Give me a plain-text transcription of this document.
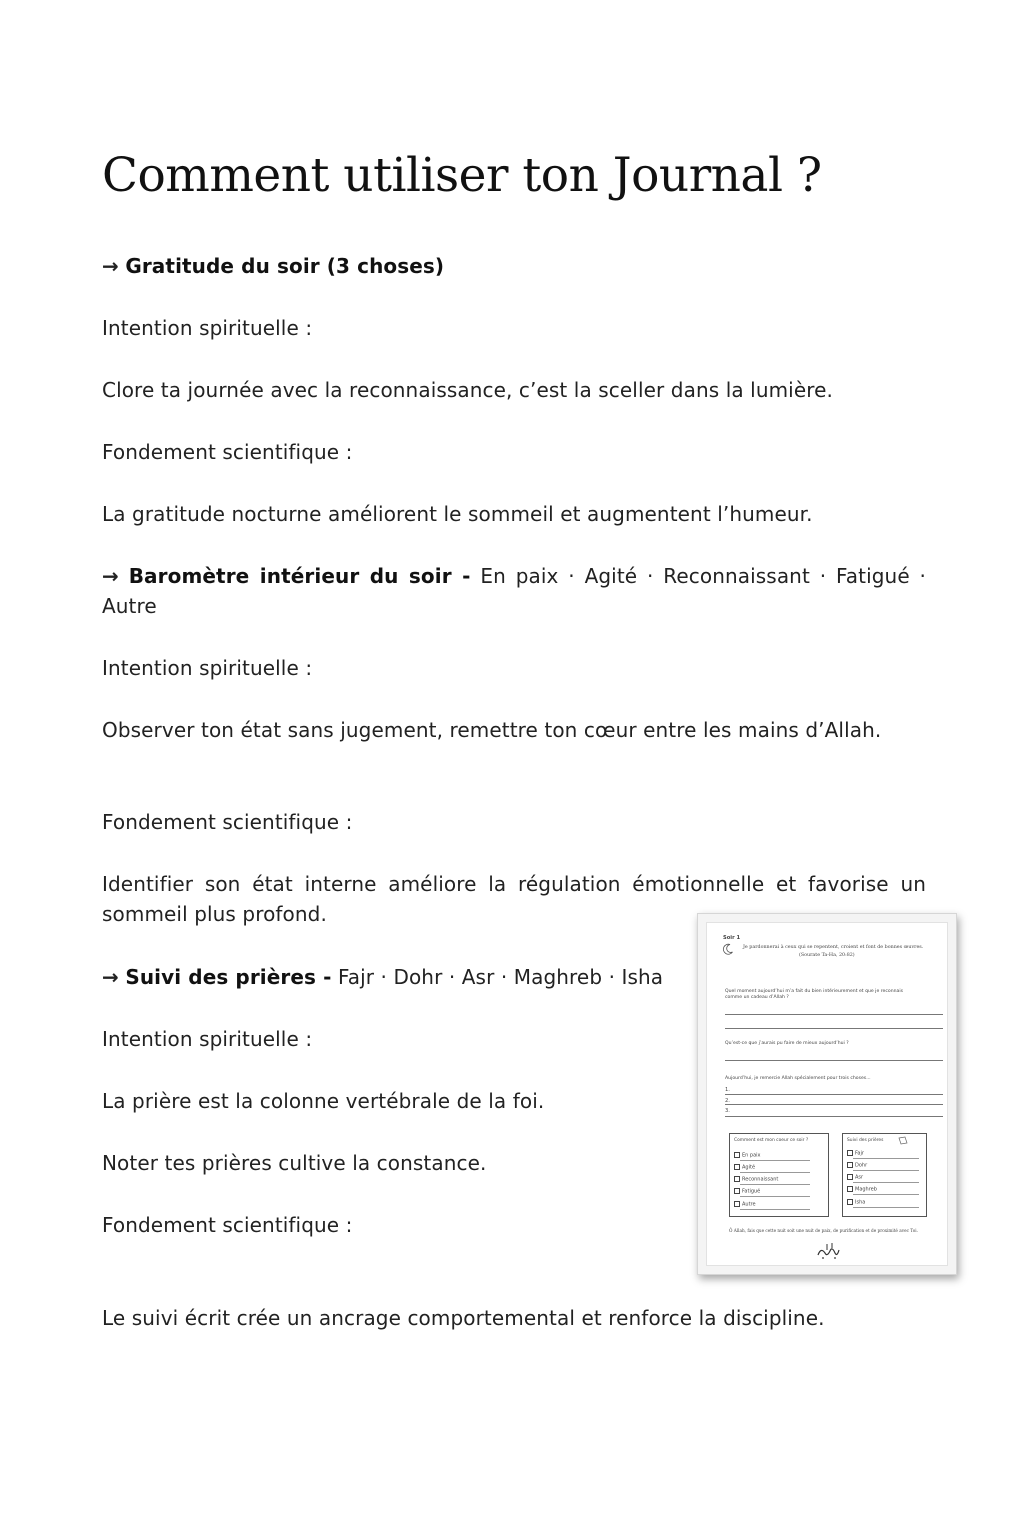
Comment utiliser ton Journal ?

→ Gratitude du soir (3 choses)

Intention spirituelle :

Clore ta journée avec la reconnaissance, c’est la sceller dans la lumière.

Fondement scientifique :

La gratitude nocturne améliorent le sommeil et augmentent l’humeur.

→ Baromètre intérieur du soir - En paix · Agité · Reconnaissant · Fatigué · Autre

Intention spirituelle :

Observer ton état sans jugement, remettre ton cœur entre les mains d’Allah.

Fondement scientifique :

Identifier son état interne améliore la régulation émotionnelle et favorise un sommeil plus profond.

→ Suivi des prières - Fajr · Dohr · Asr · Maghreb · Isha

Intention spirituelle :

La prière est la colonne vertébrale de la foi.

Noter tes prières cultive la constance.

Fondement scientifique :

Le suivi écrit crée un ancrage comportemental et renforce la discipline.

Soir 1
Je pardonnerai à ceux qui se repentent, croient et font de bonnes œuvres.
(Sourate Ta-Ha, 20:82)
Quel moment aujourd’hui m’a fait du bien intérieurement et que je reconnais
comme un cadeau d’Allah ?
Qu’est-ce que j’aurais pu faire de mieux aujourd’hui ?
Aujourd’hui, je remercie Allah spécialement pour trois choses...
1.
2.
3.
Comment est mon coeur ce soir ?
En paix
Agité
Reconnaissant
Fatigué
Autre
Suivi des prières
Fajr
Dohr
Asr
Maghreb
Isha
Ô Allah, fais que cette nuit soit une nuit de paix, de purification et de proximité avec Toi.
